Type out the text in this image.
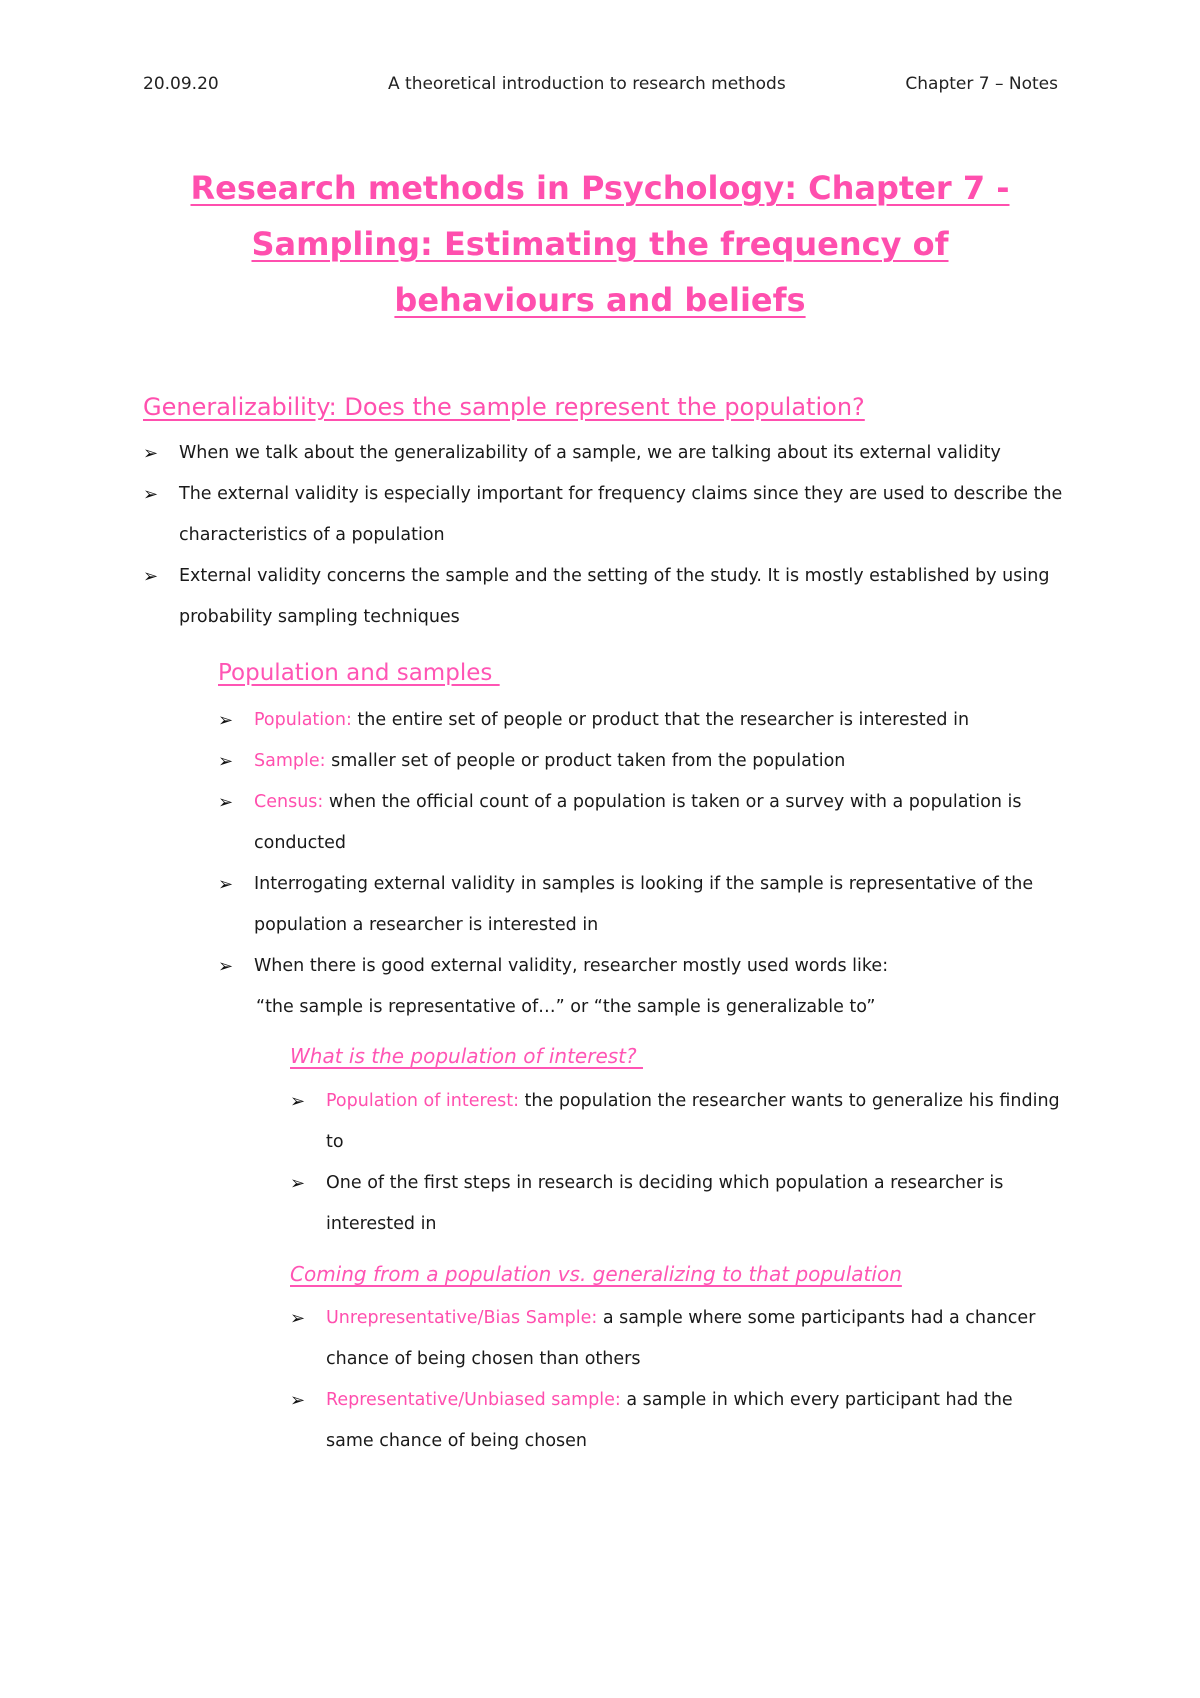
20.09.20	A theoretical introduction to research methods	Chapter 7 – Notes
Research methods in Psychology: Chapter 7 -
Sampling: Estimating the frequency of
behaviours and beliefs
Generalizability: Does the sample represent the population?
➢ When we talk about the generalizability of a sample, we are talking about its external validity
➢ The external validity is especially important for frequency claims since they are used to describe the characteristics of a population
➢ External validity concerns the sample and the setting of the study. It is mostly established by using probability sampling techniques
Population and samples
➢ Population: the entire set of people or product that the researcher is interested in
➢ Sample: smaller set of people or product taken from the population
➢ Census: when the official count of a population is taken or a survey with a population is conducted
➢ Interrogating external validity in samples is looking if the sample is representative of the population a researcher is interested in
➢ When there is good external validity, researcher mostly used words like:
“the sample is representative of…” or “the sample is generalizable to”
What is the population of interest?
➢ Population of interest: the population the researcher wants to generalize his finding to
➢ One of the first steps in research is deciding which population a researcher is interested in
Coming from a population vs. generalizing to that population
➢ Unrepresentative/Bias Sample: a sample where some participants had a chancer chance of being chosen than others
➢ Representative/Unbiased sample: a sample in which every participant had the same chance of being chosen
